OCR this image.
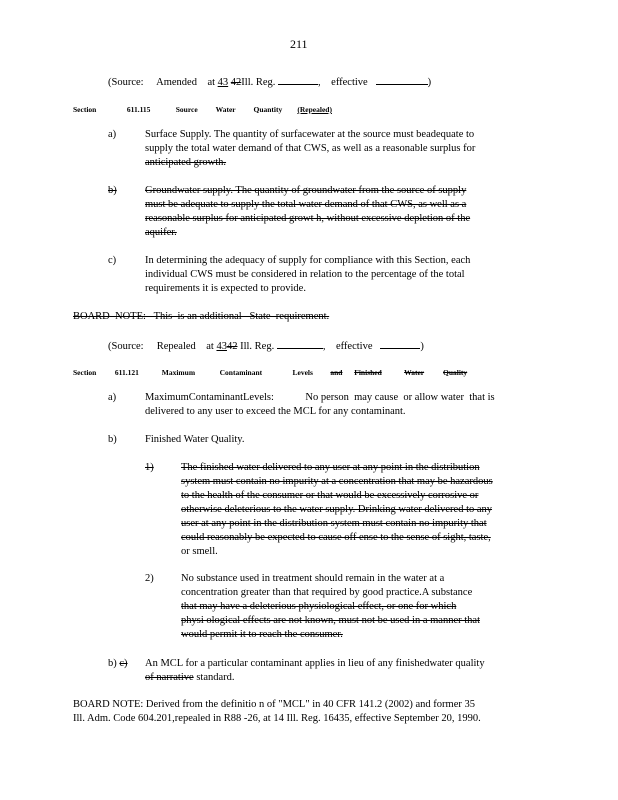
211
(Source: Amended at 43 42Ill. Reg.	,    effective	)
Section	611.115	Source Water Quantity (Repealed)
a)	Surface Supply. The quantity of surfacewater at the source must beadequate to
supply the total water demand of that CWS, as well as a reasonable surplus for
anticipated growth.
b)	Groundwater supply. The quantity of groundwater from the source of supply
must be adequate to supply the total water demand of that CWS, as well as a
reasonable surplus for anticipated growt h, without excessive depletion of the
aquifer.
c)	In determining the adequacy of supply for compliance with this Section, each
individual CWS must be considered in relation to the percentage of the total
requirements it is expected to provide.
BOARD  NOTE:   This  is an additional   State  requirement.
(Source: Repealed at 4342 Ill. Reg.	,    effective	)
Section 611.121	Maximum	Contaminant	Levels and Finished	Water	Quality
a)	MaximumContaminantLevels:            No person  may cause  or allow water  that is
delivered to any user to exceed the MCL for any contaminant.
b)	Finished Water Quality.
1)	The finished water delivered to any user at any point in the distribution
system must contain no impurity at a concentration that may be hazardous
to the health of the consumer or that would be excessively corrosive or
otherwise deleterious to the water supply. Drinking water delivered to any
user at any point in the distribution system must contain no impurity that
could reasonably be expected to cause off ense to the sense of sight, taste,
or smell.
2)	No substance used in treatment should remain in the water at a
concentration greater than that required by good practice.A substance
that may have a deleterious physiological effect, or one for which
physi ological effects are not known, must not be used in a manner that
would permit it to reach the consumer.
b) c) An MCL for a particular contaminant applies in lieu of any finishedwater quality
of narrative standard.
BOARD NOTE: Derived from the definitio n of "MCL" in 40 CFR 141.2 (2002) and former 35
Ill. Adm. Code 604.201,repealed in R88 -26, at 14 Ill. Reg. 16435, effective September 20, 1990.
